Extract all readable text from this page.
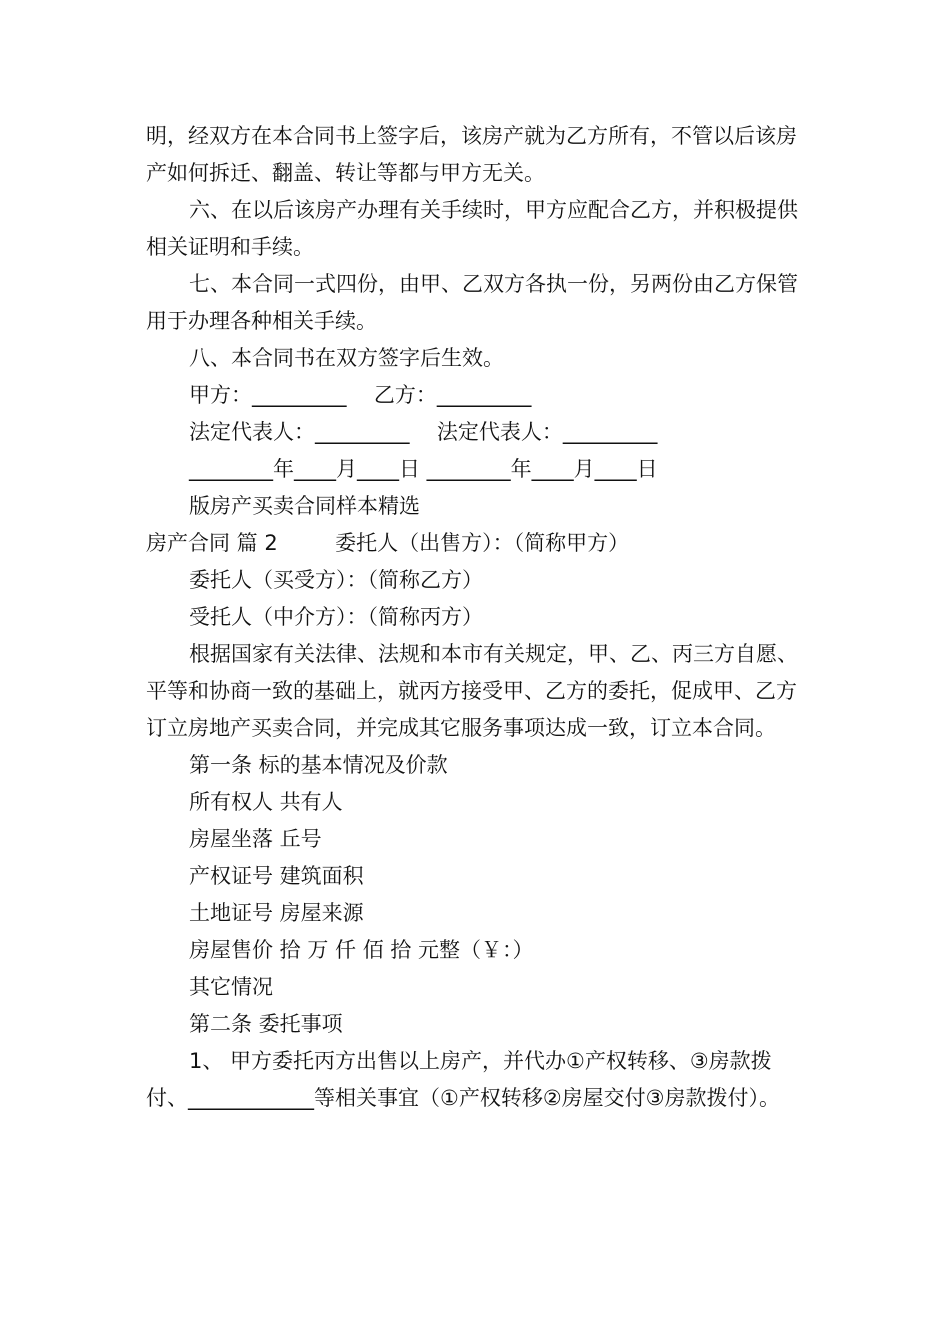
明，经双方在本合同书上签字后，该房产就为乙方所有，不管以后该房产如何拆迁、翻盖、转让等都与甲方无关。

六、在以后该房产办理有关手续时，甲方应配合乙方，并积极提供相关证明和手续。

七、本合同一式四份，由甲、乙双方各执一份，另两份由乙方保管用于办理各种相关手续。

八、本合同书在双方签字后生效。

甲方：_________ 乙方：_________

法定代表人：_________ 法定代表人：_________

________年____月____日 ________年____月____日

版房产买卖合同样本精选

房产合同 篇 2	委托人（出售方）：（简称甲方）

委托人（买受方）：（简称乙方）

受托人（中介方）：（简称丙方）

根据国家有关法律、法规和本市有关规定，甲、乙、丙三方自愿、平等和协商一致的基础上，就丙方接受甲、乙方的委托，促成甲、乙方订立房地产买卖合同，并完成其它服务事项达成一致，订立本合同。

第一条 标的基本情况及价款

所有权人 共有人

房屋坐落 丘号

产权证号 建筑面积

土地证号 房屋来源

房屋售价 拾 万 仟 佰 拾 元整（￥：）

其它情况

第二条 委托事项

1、 甲方委托丙方出售以上房产，并代办①产权转移、③房款拨付、____________等相关事宜（①产权转移②房屋交付③房款拨付）。
